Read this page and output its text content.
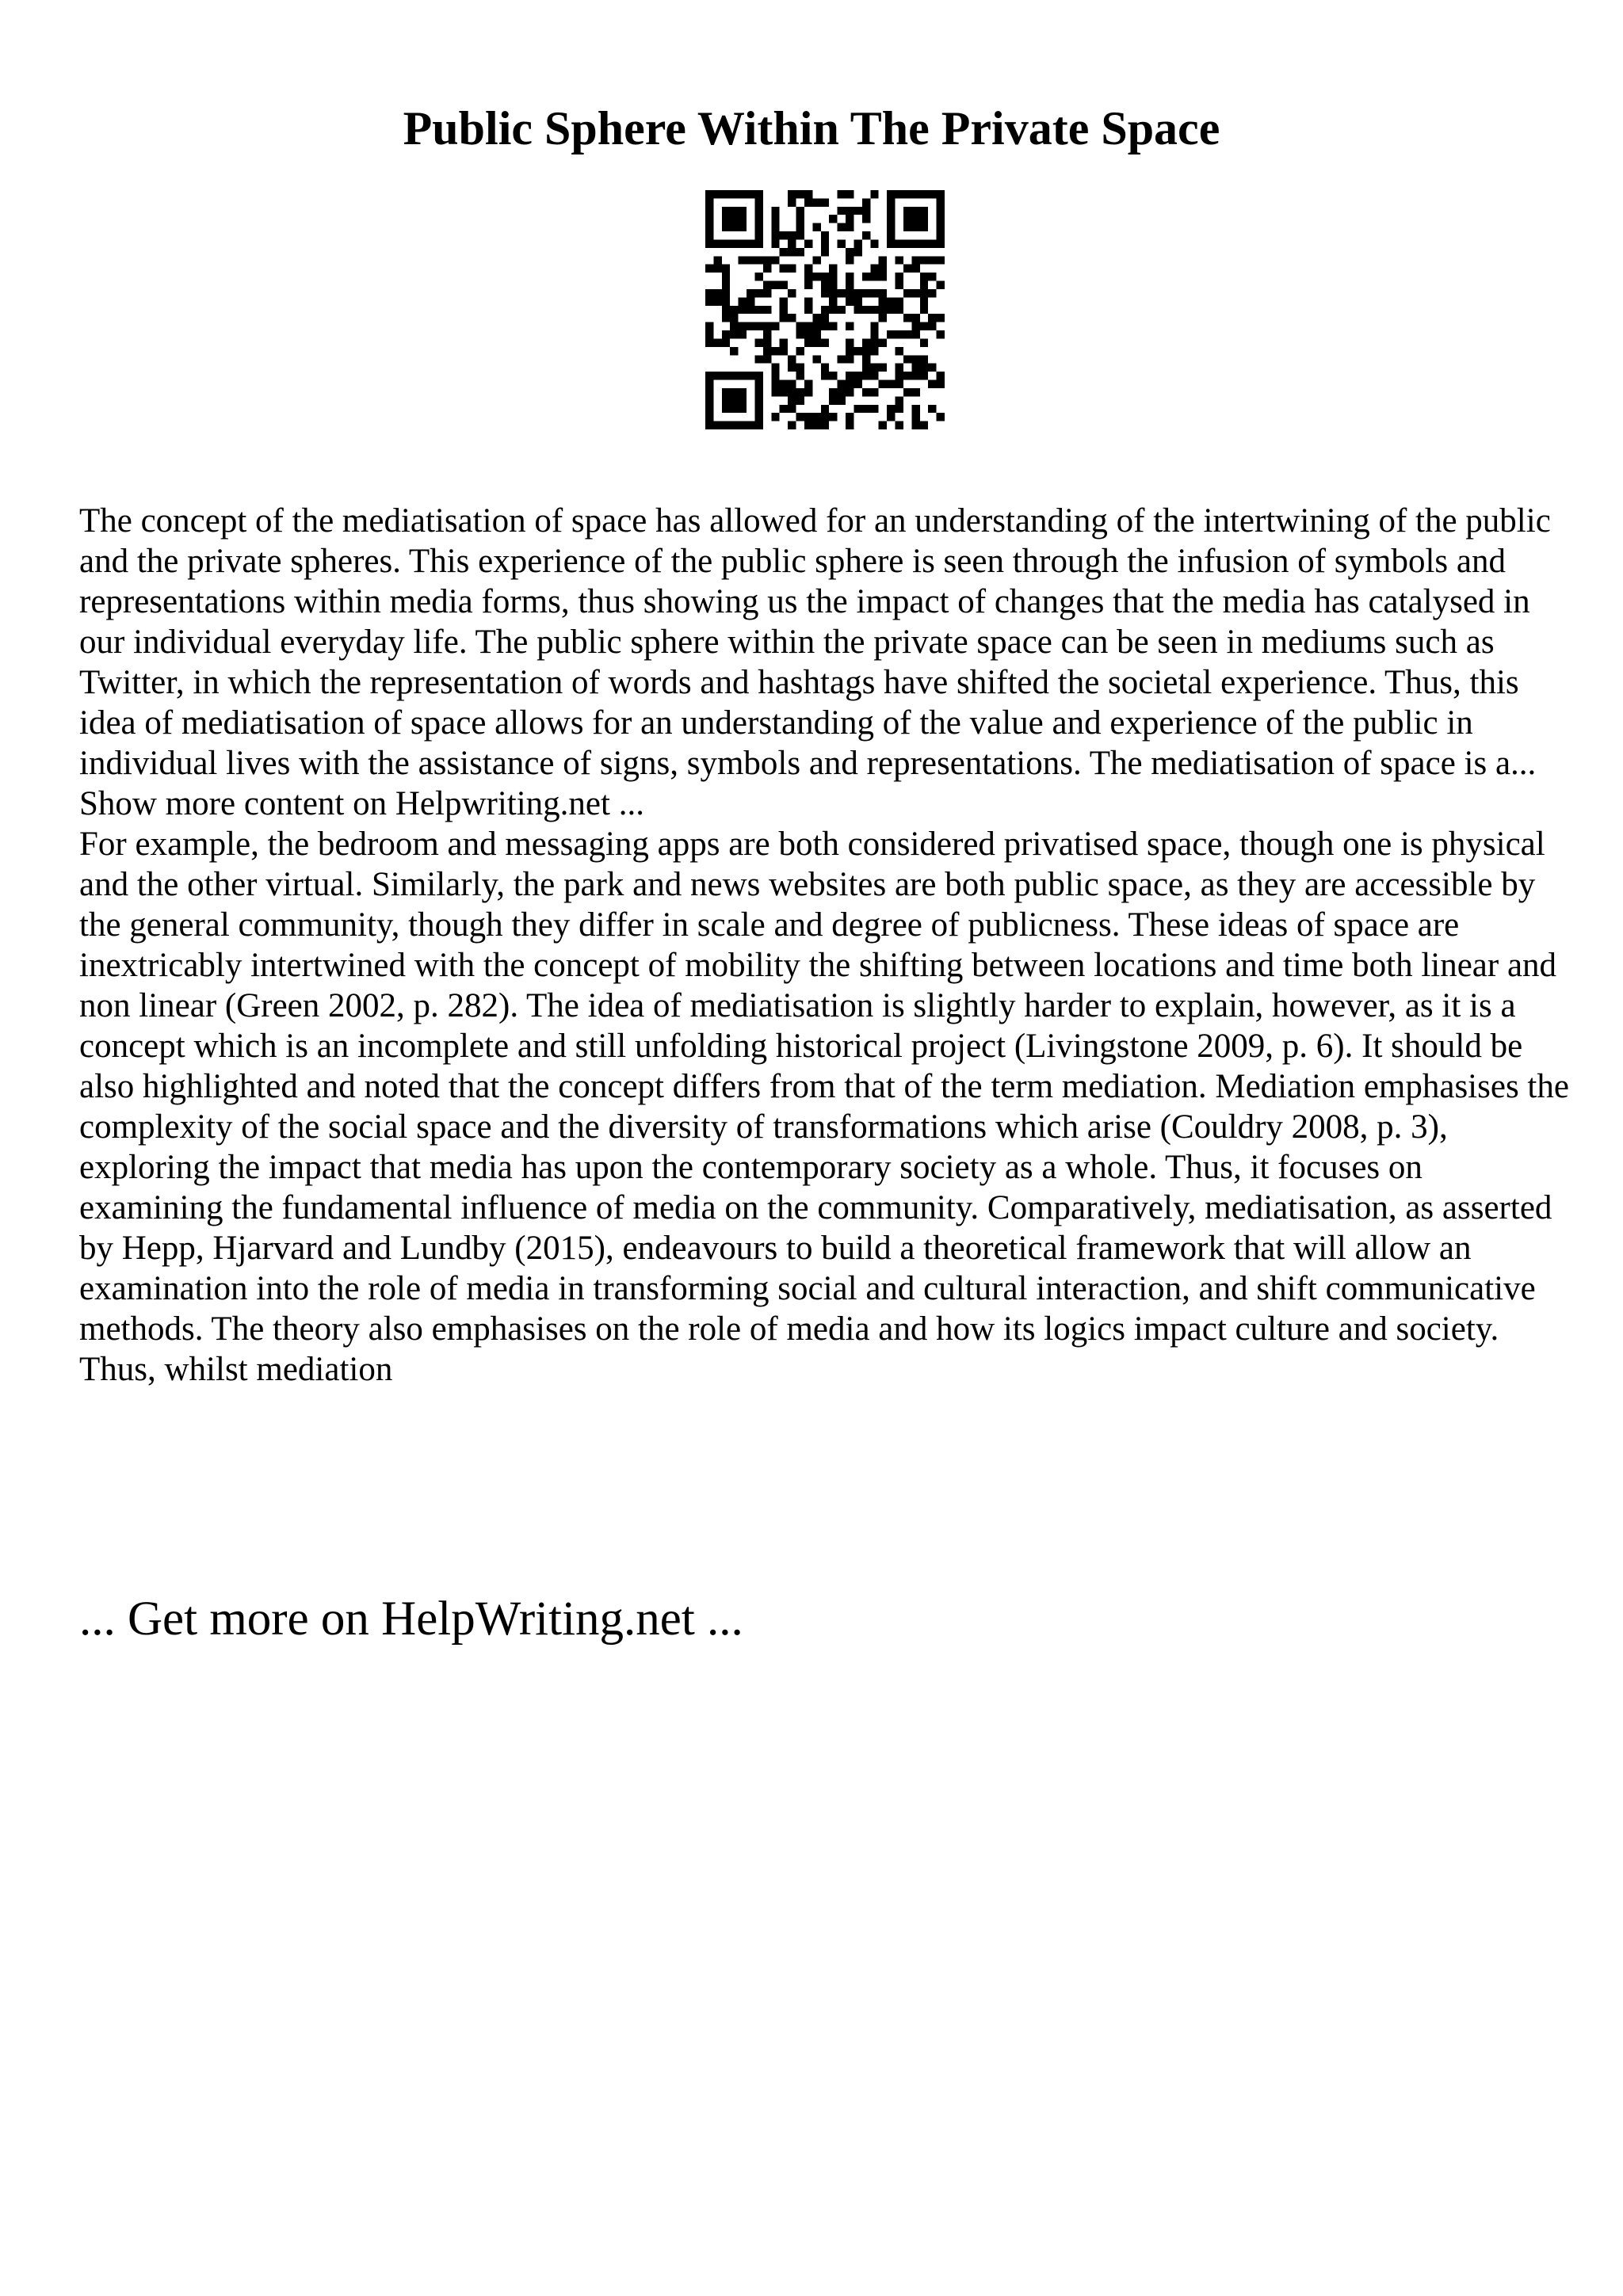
Public Sphere Within The Private Space

The concept of the mediatisation of space has allowed for an understanding of the intertwining of the public and the private spheres. This experience of the public sphere is seen through the infusion of symbols and representations within media forms, thus showing us the impact of changes that the media has catalysed in our individual everyday life. The public sphere within the private space can be seen in mediums such as Twitter, in which the representation of words and hashtags have shifted the societal experience. Thus, this idea of mediatisation of space allows for an understanding of the value and experience of the public in individual lives with the assistance of signs, symbols and representations. The mediatisation of space is a... Show more content on Helpwriting.net ...

For example, the bedroom and messaging apps are both considered privatised space, though one is physical and the other virtual. Similarly, the park and news websites are both public space, as they are accessible by the general community, though they differ in scale and degree of publicness. These ideas of space are inextricably intertwined with the concept of mobility the shifting between locations and time both linear and non linear (Green 2002, p. 282). The idea of mediatisation is slightly harder to explain, however, as it is a concept which is an incomplete and still unfolding historical project (Livingstone 2009, p. 6). It should be also highlighted and noted that the concept differs from that of the term mediation. Mediation emphasises the complexity of the social space and the diversity of transformations which arise (Couldry 2008, p. 3), exploring the impact that media has upon the contemporary society as a whole. Thus, it focuses on examining the fundamental influence of media on the community. Comparatively, mediatisation, as asserted by Hepp, Hjarvard and Lundby (2015), endeavours to build a theoretical framework that will allow an examination into the role of media in transforming social and cultural interaction, and shift communicative methods. The theory also emphasises on the role of media and how its logics impact culture and society. Thus, whilst mediation

... Get more on HelpWriting.net ...
